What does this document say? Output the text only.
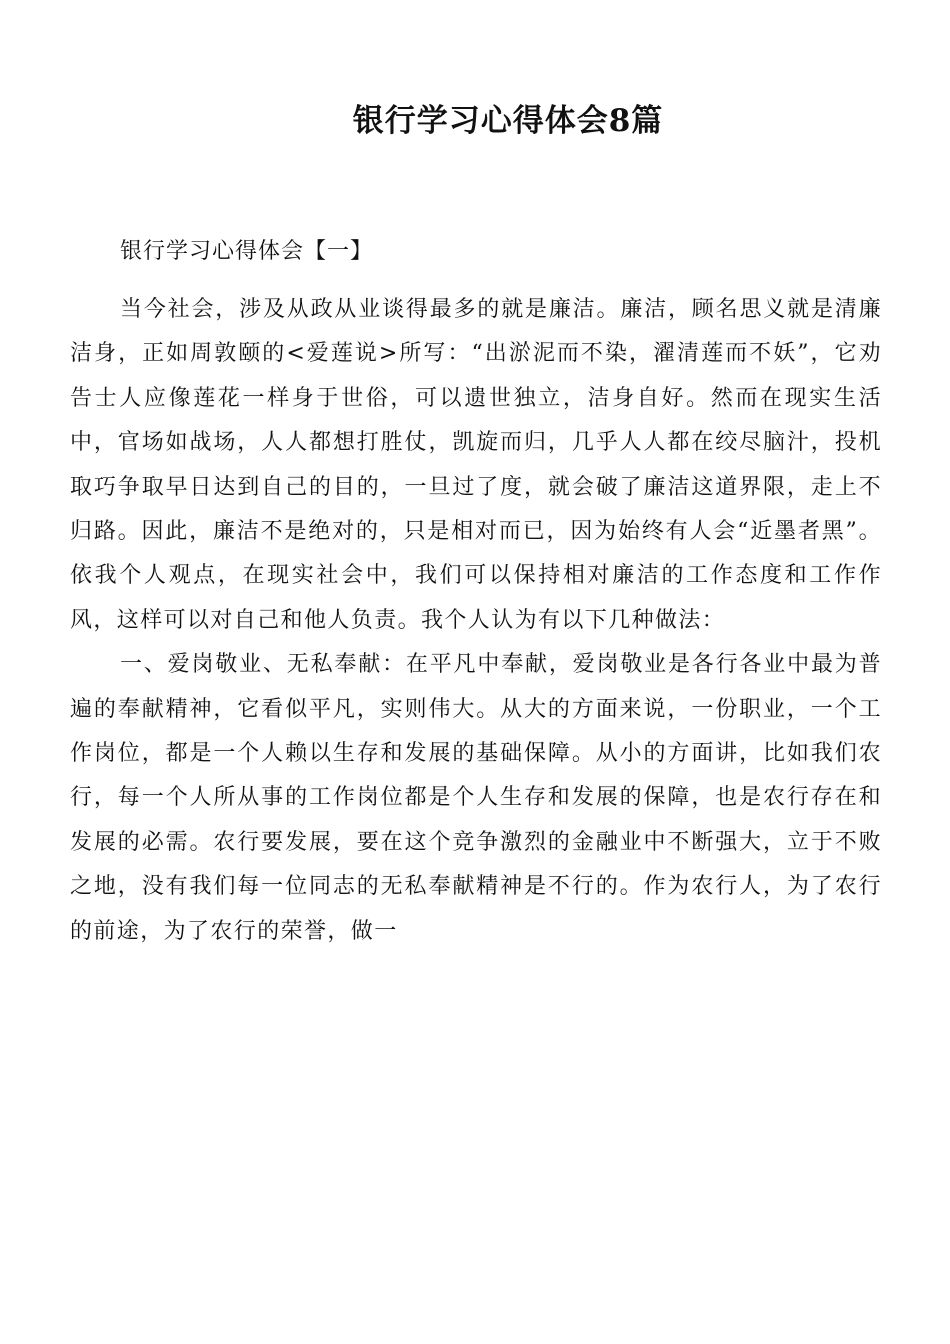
银行学习心得体会8篇

银行学习心得体会【一】

当今社会，涉及从政从业谈得最多的就是廉洁。廉洁，顾名思义就是清廉洁身，正如周敦颐的<爱莲说>所写：“出淤泥而不染，濯清莲而不妖”，它劝告士人应像莲花一样身于世俗，可以遗世独立，洁身自好。然而在现实生活中，官场如战场，人人都想打胜仗，凯旋而归，几乎人人都在绞尽脑汁，投机取巧争取早日达到自己的目的，一旦过了度，就会破了廉洁这道界限，走上不归路。因此，廉洁不是绝对的，只是相对而已，因为始终有人会“近墨者黑”。依我个人观点，在现实社会中，我们可以保持相对廉洁的工作态度和工作作风，这样可以对自己和他人负责。我个人认为有以下几种做法：

一、爱岗敬业、无私奉献：在平凡中奉献，爱岗敬业是各行各业中最为普遍的奉献精神，它看似平凡，实则伟大。从大的方面来说，一份职业，一个工作岗位，都是一个人赖以生存和发展的基础保障。从小的方面讲，比如我们农行，每一个人所从事的工作岗位都是个人生存和发展的保障，也是农行存在和发展的必需。农行要发展，要在这个竞争激烈的金融业中不断强大，立于不败之地，没有我们每一位同志的无私奉献精神是不行的。作为农行人，为了农行的前途，为了农行的荣誉，做一
